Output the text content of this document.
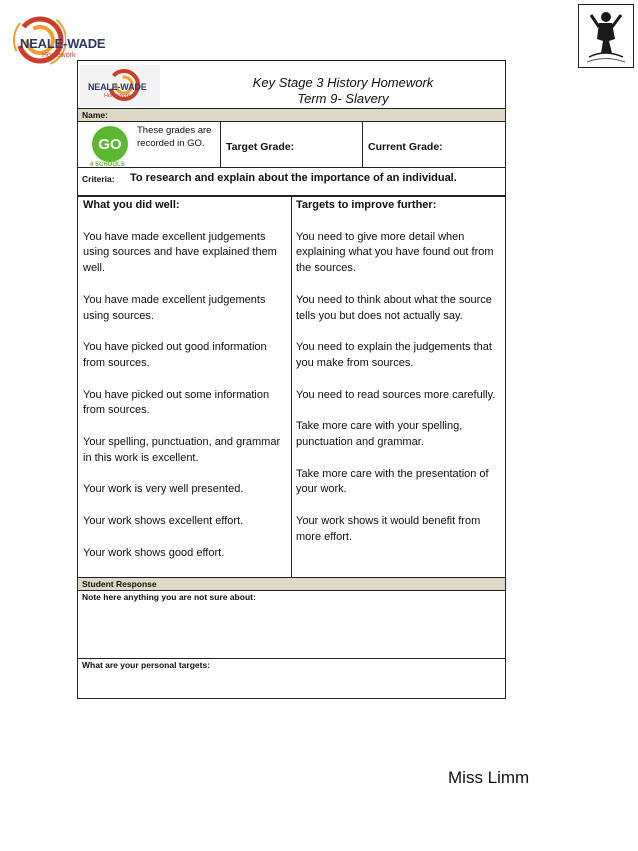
NEALE-WADE
Homework
NEALE-WADE
Homework
Key Stage 3 History Homework
Term 9- Slavery
Name:
GO
4 SCHOOLS
These grades are recorded in GO.	Target Grade:	Current Grade:
Criteria: To research and explain about the importance of an individual.
What you did well:
You have made excellent judgements using sources and have explained them well.
You have made excellent judgements using sources.
You have picked out good information from sources.
You have picked out some information from sources.
Your spelling, punctuation, and grammar in this work is excellent.
Your work is very well presented.
Your work shows excellent effort.
Your work shows good effort.
Targets to improve further:
You need to give more detail when explaining what you have found out from the sources.
You need to think about what the source tells you but does not actually say.
You need to explain the judgements that you make from sources.
You need to read sources more carefully.
Take more care with your spelling, punctuation and grammar.
Take more care with the presentation of your work.
Your work shows it would benefit from more effort.
Student Response
Note here anything you are not sure about:
What are your personal targets:
Miss Limm
